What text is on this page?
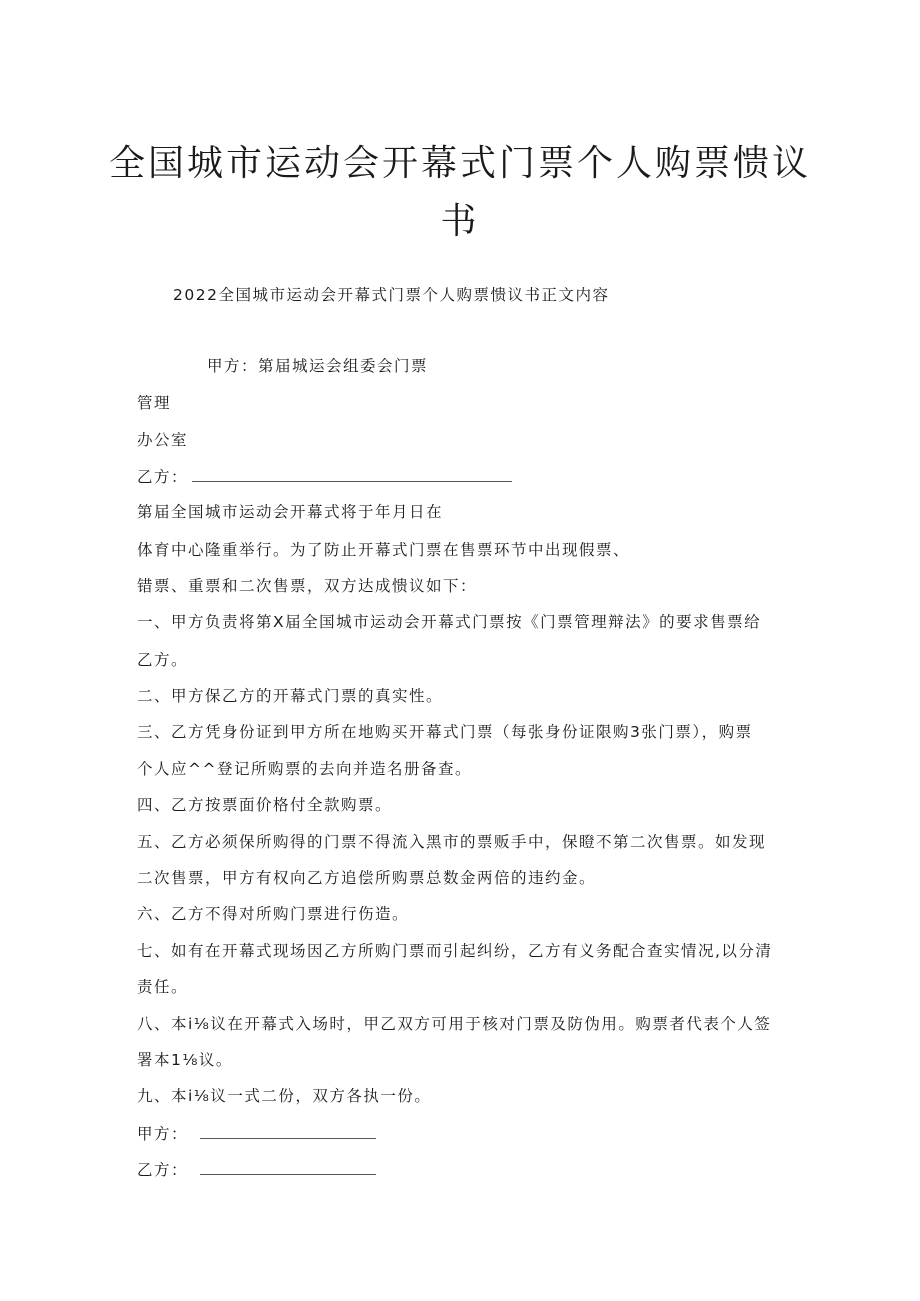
全国城市运动会开幕式门票个人购票愦议
书
2022全国城市运动会开幕式门票个人购票愦议书正文内容
甲方：第届城运会组委会门票
管理
办公室
乙方：
第届全国城市运动会开幕式将于年月日在
体育中心隆重举行。为了防止开幕式门票在售票环节中出现假票、
错票、重票和二次售票，双方达成愦议如下：
一、甲方负责将第X届全国城市运动会开幕式门票按《门票管理辩法》的要求售票给
乙方。
二、甲方保乙方的开幕式门票的真实性。
三、乙方凭身份证到甲方所在地购买开幕式门票（每张身份证限购3张门票），购票
个人应^^登记所购票的去向并造名册备查。
四、乙方按票面价格付全款购票。
五、乙方必须保所购得的门票不得流入黑市的票贩手中，保瞪不第二次售票。如发现
二次售票，甲方有权向乙方追偿所购票总数金两倍的违约金。
六、乙方不得对所购门票进行伤造。
七、如有在开幕式现场因乙方所购门票而引起纠纷，乙方有义务配合查实情况,以分清
责任。
八、本i⅛议在开幕式入场时，甲乙双方可用于核对门票及防伪用。购票者代表个人签
署本1⅛议。
九、本i⅛议一式二份，双方各执一份。
甲方：
乙方：
